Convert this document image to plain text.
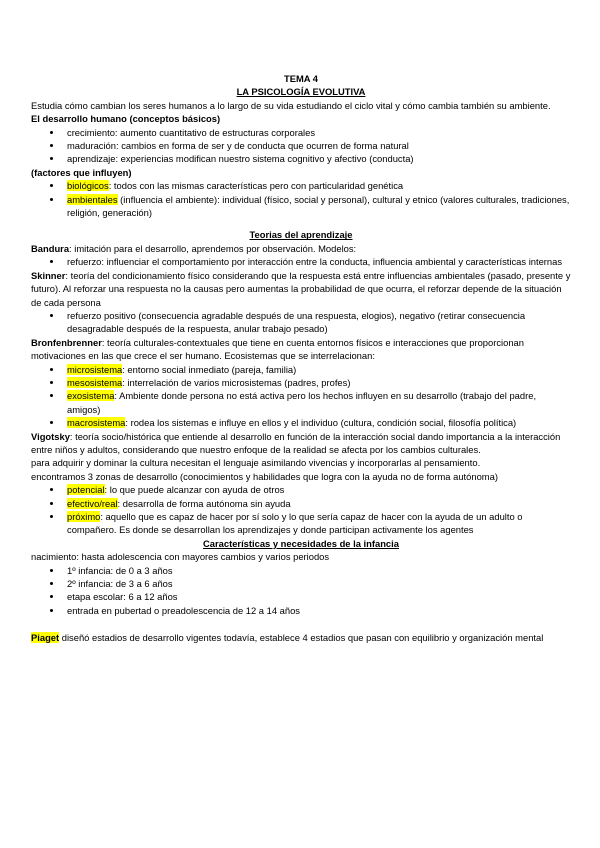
TEMA 4

LA PSICOLOGÍA EVOLUTIVA

Estudia cómo cambian los seres humanos a lo largo de su vida estudiando el ciclo vital y cómo cambia también su ambiente.

El desarrollo humano (conceptos básicos)

• crecimiento: aumento cuantitativo de estructuras corporales
• maduración: cambios en forma de ser y de conducta que ocurren de forma natural
• aprendizaje: experiencias modifican nuestro sistema cognitivo y afectivo (conducta)

(factores que influyen)

• biológicos: todos con las mismas características pero con particularidad genética
• ambientales (influencia el ambiente): individual (físico, social y personal), cultural y etnico (valores culturales, tradiciones, religión, generación)

Teorias del aprendizaje

Bandura: imitación para el desarrollo, aprendemos por observación. Modelos:

• refuerzo: influenciar el comportamiento por interacción entre la conducta, influencia ambiental y características internas

Skinner: teoría del condicionamiento físico considerando que la respuesta está entre influencias ambientales (pasado, presente y futuro). Al reforzar una respuesta no la causas pero aumentas la probabilidad de que ocurra, el reforzar depende de la situación de cada persona

• refuerzo positivo (consecuencia agradable después de una respuesta, elogios), negativo (retirar consecuencia desagradable después de la respuesta, anular trabajo pesado)

Bronfenbrenner: teoría culturales-contextuales que tiene en cuenta entornos físicos e interacciones que proporcionan motivaciones en las que crece el ser humano. Ecosistemas que se interrelacionan:

• microsistema: entorno social inmediato (pareja, familia)
• mesosistema: interrelación de varios microsistemas (padres, profes)
• exosistema: Ambiente donde persona no está activa pero los hechos influyen en su desarrollo (trabajo del padre, amigos)
• macrosistema: rodea los sistemas e influye en ellos y el individuo (cultura, condición social, filosofía política)

Vigotsky: teoría socio/histórica que entiende al desarrollo en función de la interacción social dando importancia a la interacción entre niños y adultos, considerando que nuestro enfoque de la realidad se afecta por los cambios culturales.

para adquirir y dominar la cultura necesitan el lenguaje asimilando vivencias y incorporarlas al pensamiento.

encontramos 3 zonas de desarrollo (conocimientos y habilidades que logra con la ayuda no de forma autónoma)

• potencial: lo que puede alcanzar con ayuda de otros
• efectivo/real: desarrolla de forma autónoma sin ayuda
• próximo: aquello que es capaz de hacer por sí solo y lo que sería capaz de hacer con la ayuda de un adulto o compañero. Es donde se desarrollan los aprendizajes y donde participan activamente los agentes

Características y necesidades de la infancia

nacimiento: hasta adolescencia con mayores cambios y varios periodos

• 1º infancia: de 0 a 3 años
• 2º infancia: de 3 a 6 años
• etapa escolar: 6 a 12 años
• entrada en pubertad o preadolescencia de 12 a 14 años

Piaget diseñó estadios de desarrollo vigentes todavía, establece 4 estadios que pasan con equilibrio y organización mental
